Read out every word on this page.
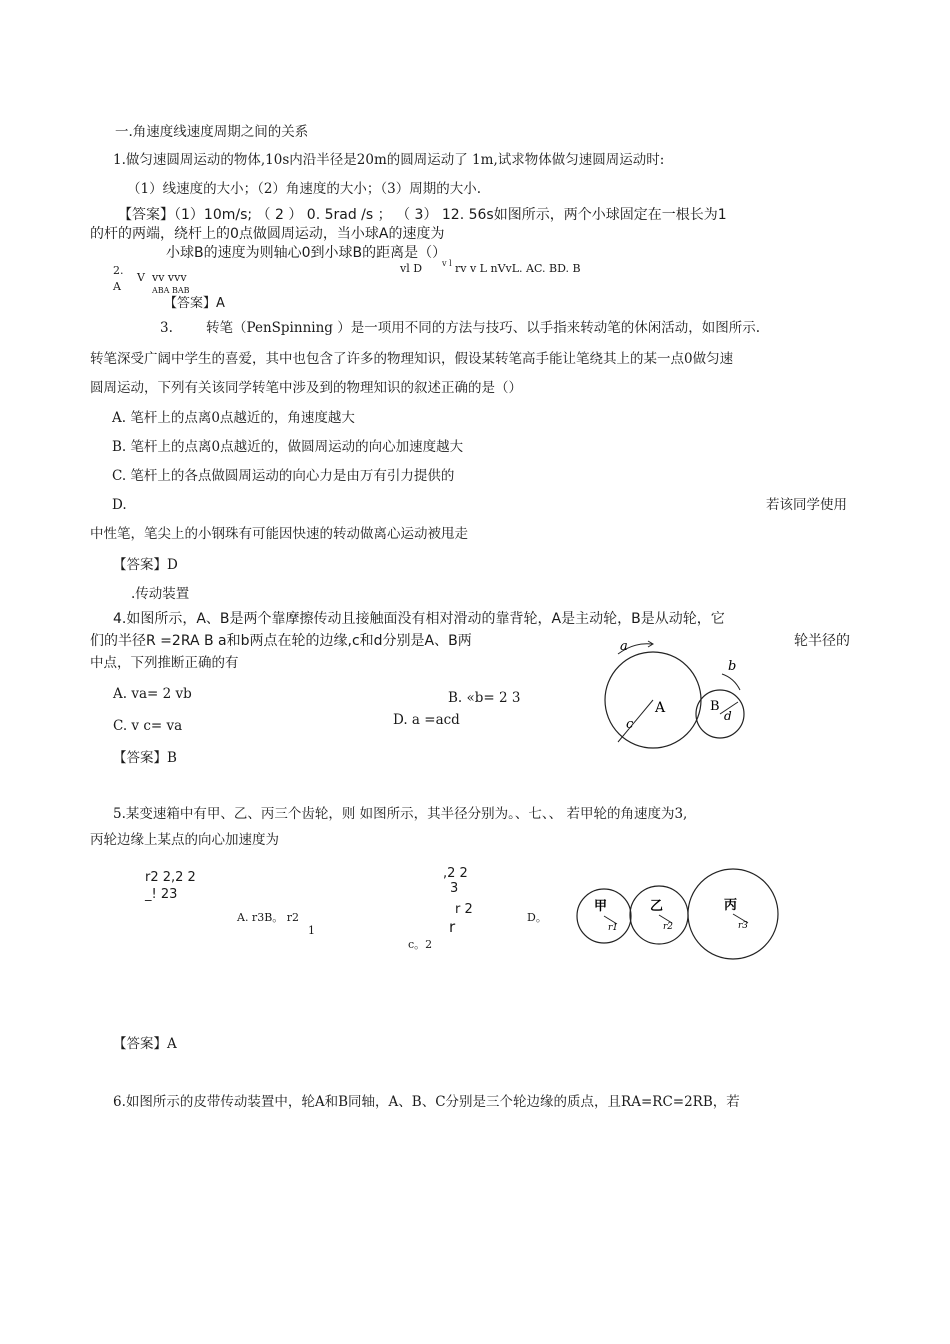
一.角速度线速度周期之间的关系
1.做匀速圆周运动的物体,10s内沿半径是20m的圆周运动了 1m,试求物体做匀速圆周运动时:
（1）线速度的大小；（2）角速度的大小；（3）周期的大小.
【答案】（1）10m/s; （ 2 ） 0. 5rad /s ； （ 3） 12. 56s如图所示，两个小球固定在一根长为1
的杆的两端，绕杆上的0点做圆周运动，当小球A的速度为
小球B的速度为则轴心0到小球B的距离是（）
2.
A
V vv vvv
ABA BAB
vl D v l rv v L nVvL. AC. BD. B
【答案】A
3. 转笔（PenSpinning ）是一项用不同的方法与技巧、以手指来转动笔的休闲活动，如图所示.
转笔深受广阔中学生的喜爱，其中也包含了许多的物理知识，假设某转笔高手能让笔绕其上的某一点0做匀速
圆周运动，下列有关该同学转笔中涉及到的物理知识的叙述正确的是（）
A. 笔杆上的点离0点越近的，角速度越大
B. 笔杆上的点离0点越近的，做圆周运动的向心加速度越大
C. 笔杆上的各点做圆周运动的向心力是由万有引力提供的
D.	若该同学使用
中性笔，笔尖上的小钢珠有可能因快速的转动做离心运动被甩走
【答案】D
.传动装置
4.如图所示，A、B是两个靠摩擦传动且接触面没有相对滑动的靠背轮，A是主动轮，B是从动轮，它
们的半径R =2RA B a和b两点在轮的边缘,c和d分别是A、B两	轮半径的
中点，下列推断正确的有
A. va= 2 vb	B. «b= 2 3
C. v c= va	D. a =acd
【答案】B
a
b
c
A	B
d
5.某变速箱中有甲、乙、丙三个齿轮，则 如图所示，其半径分别为。、七、、 若甲轮的角速度为3,
丙轮边缘上某点的向心加速度为
r2 2,2 2
_! 23
A. r3B。 r2
1
,2 2
3
r 2
r
c。2
D。
甲	乙	丙
r1	r2	r3
【答案】A
6.如图所示的皮带传动装置中，轮A和B同轴，A、B、C分别是三个轮边缘的质点，且RA=RC=2RB，若
